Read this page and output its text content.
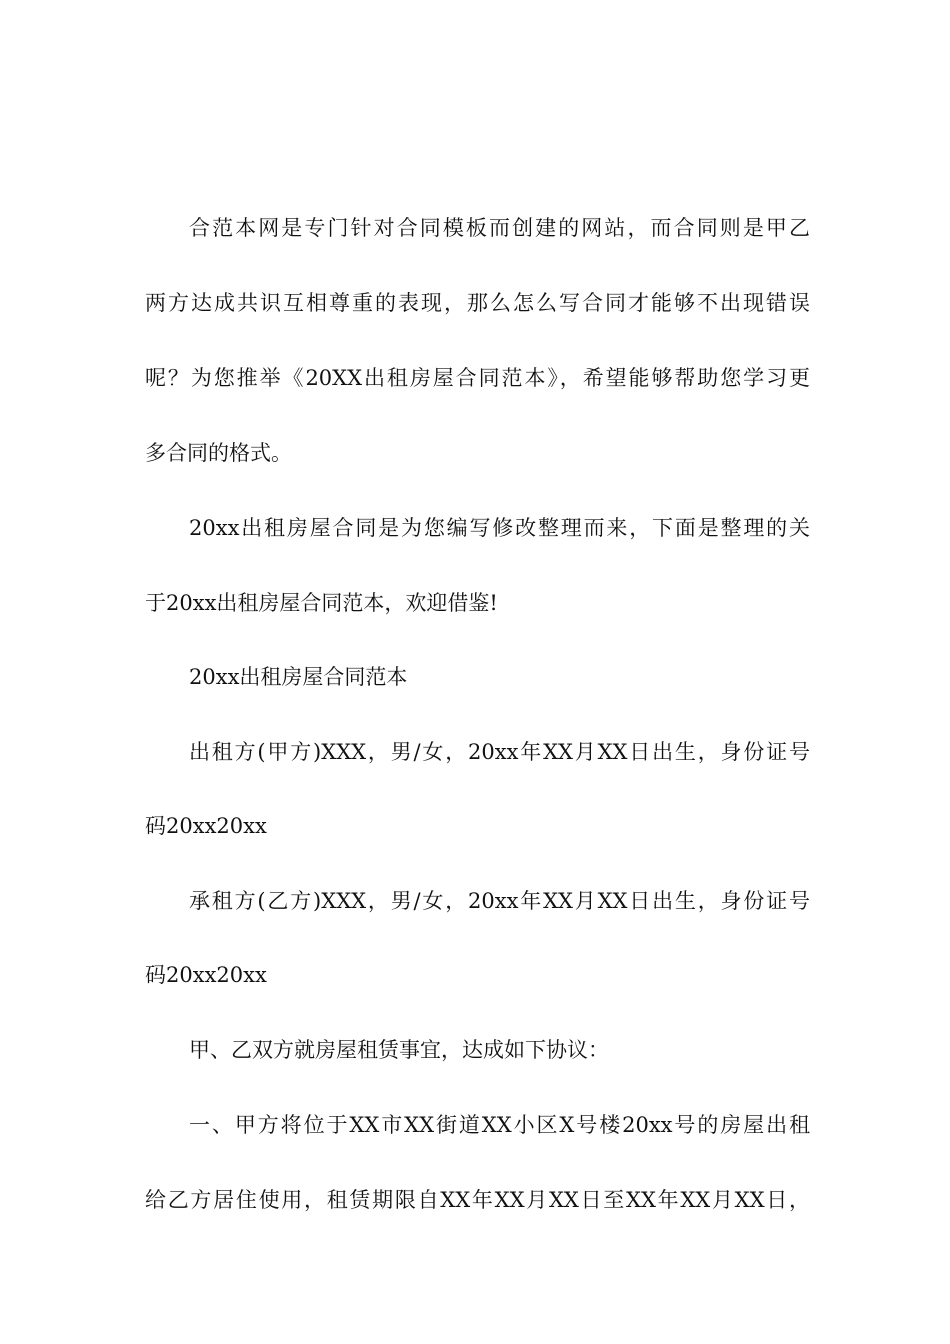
合范本网是专门针对合同模板而创建的网站，而合同则是甲乙
两方达成共识互相尊重的表现，那么怎么写合同才能够不出现错误
呢？为您推举《20XX出租房屋合同范本》，希望能够帮助您学习更
多合同的格式。
20xx出租房屋合同是为您编写修改整理而来，下面是整理的关
于20xx出租房屋合同范本，欢迎借鉴!
20xx出租房屋合同范本
出租方(甲方)XXX，男/女，20xx年XX月XX日出生，身份证号
码20xx20xx
承租方(乙方)XXX，男/女，20xx年XX月XX日出生，身份证号
码20xx20xx
甲、乙双方就房屋租赁事宜，达成如下协议：
一、甲方将位于XX市XX街道XX小区X号楼20xx号的房屋出租
给乙方居住使用，租赁期限自XX年XX月XX日至XX年XX月XX日，
